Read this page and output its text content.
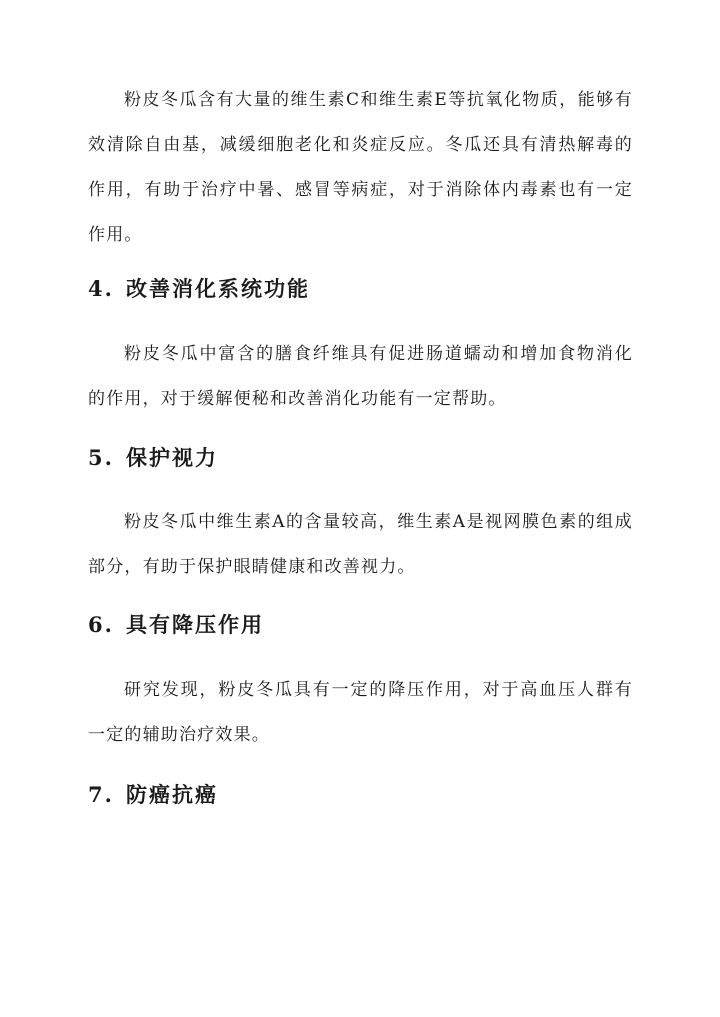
粉皮冬瓜含有大量的维生素C和维生素E等抗氧化物质，能够有效清除自由基，减缓细胞老化和炎症反应。冬瓜还具有清热解毒的作用，有助于治疗中暑、感冒等病症，对于消除体内毒素也有一定作用。

4. 改善消化系统功能

粉皮冬瓜中富含的膳食纤维具有促进肠道蠕动和增加食物消化的作用，对于缓解便秘和改善消化功能有一定帮助。

5. 保护视力

粉皮冬瓜中维生素A的含量较高，维生素A是视网膜色素的组成部分，有助于保护眼睛健康和改善视力。

6. 具有降压作用

研究发现，粉皮冬瓜具有一定的降压作用，对于高血压人群有一定的辅助治疗效果。

7. 防癌抗癌
